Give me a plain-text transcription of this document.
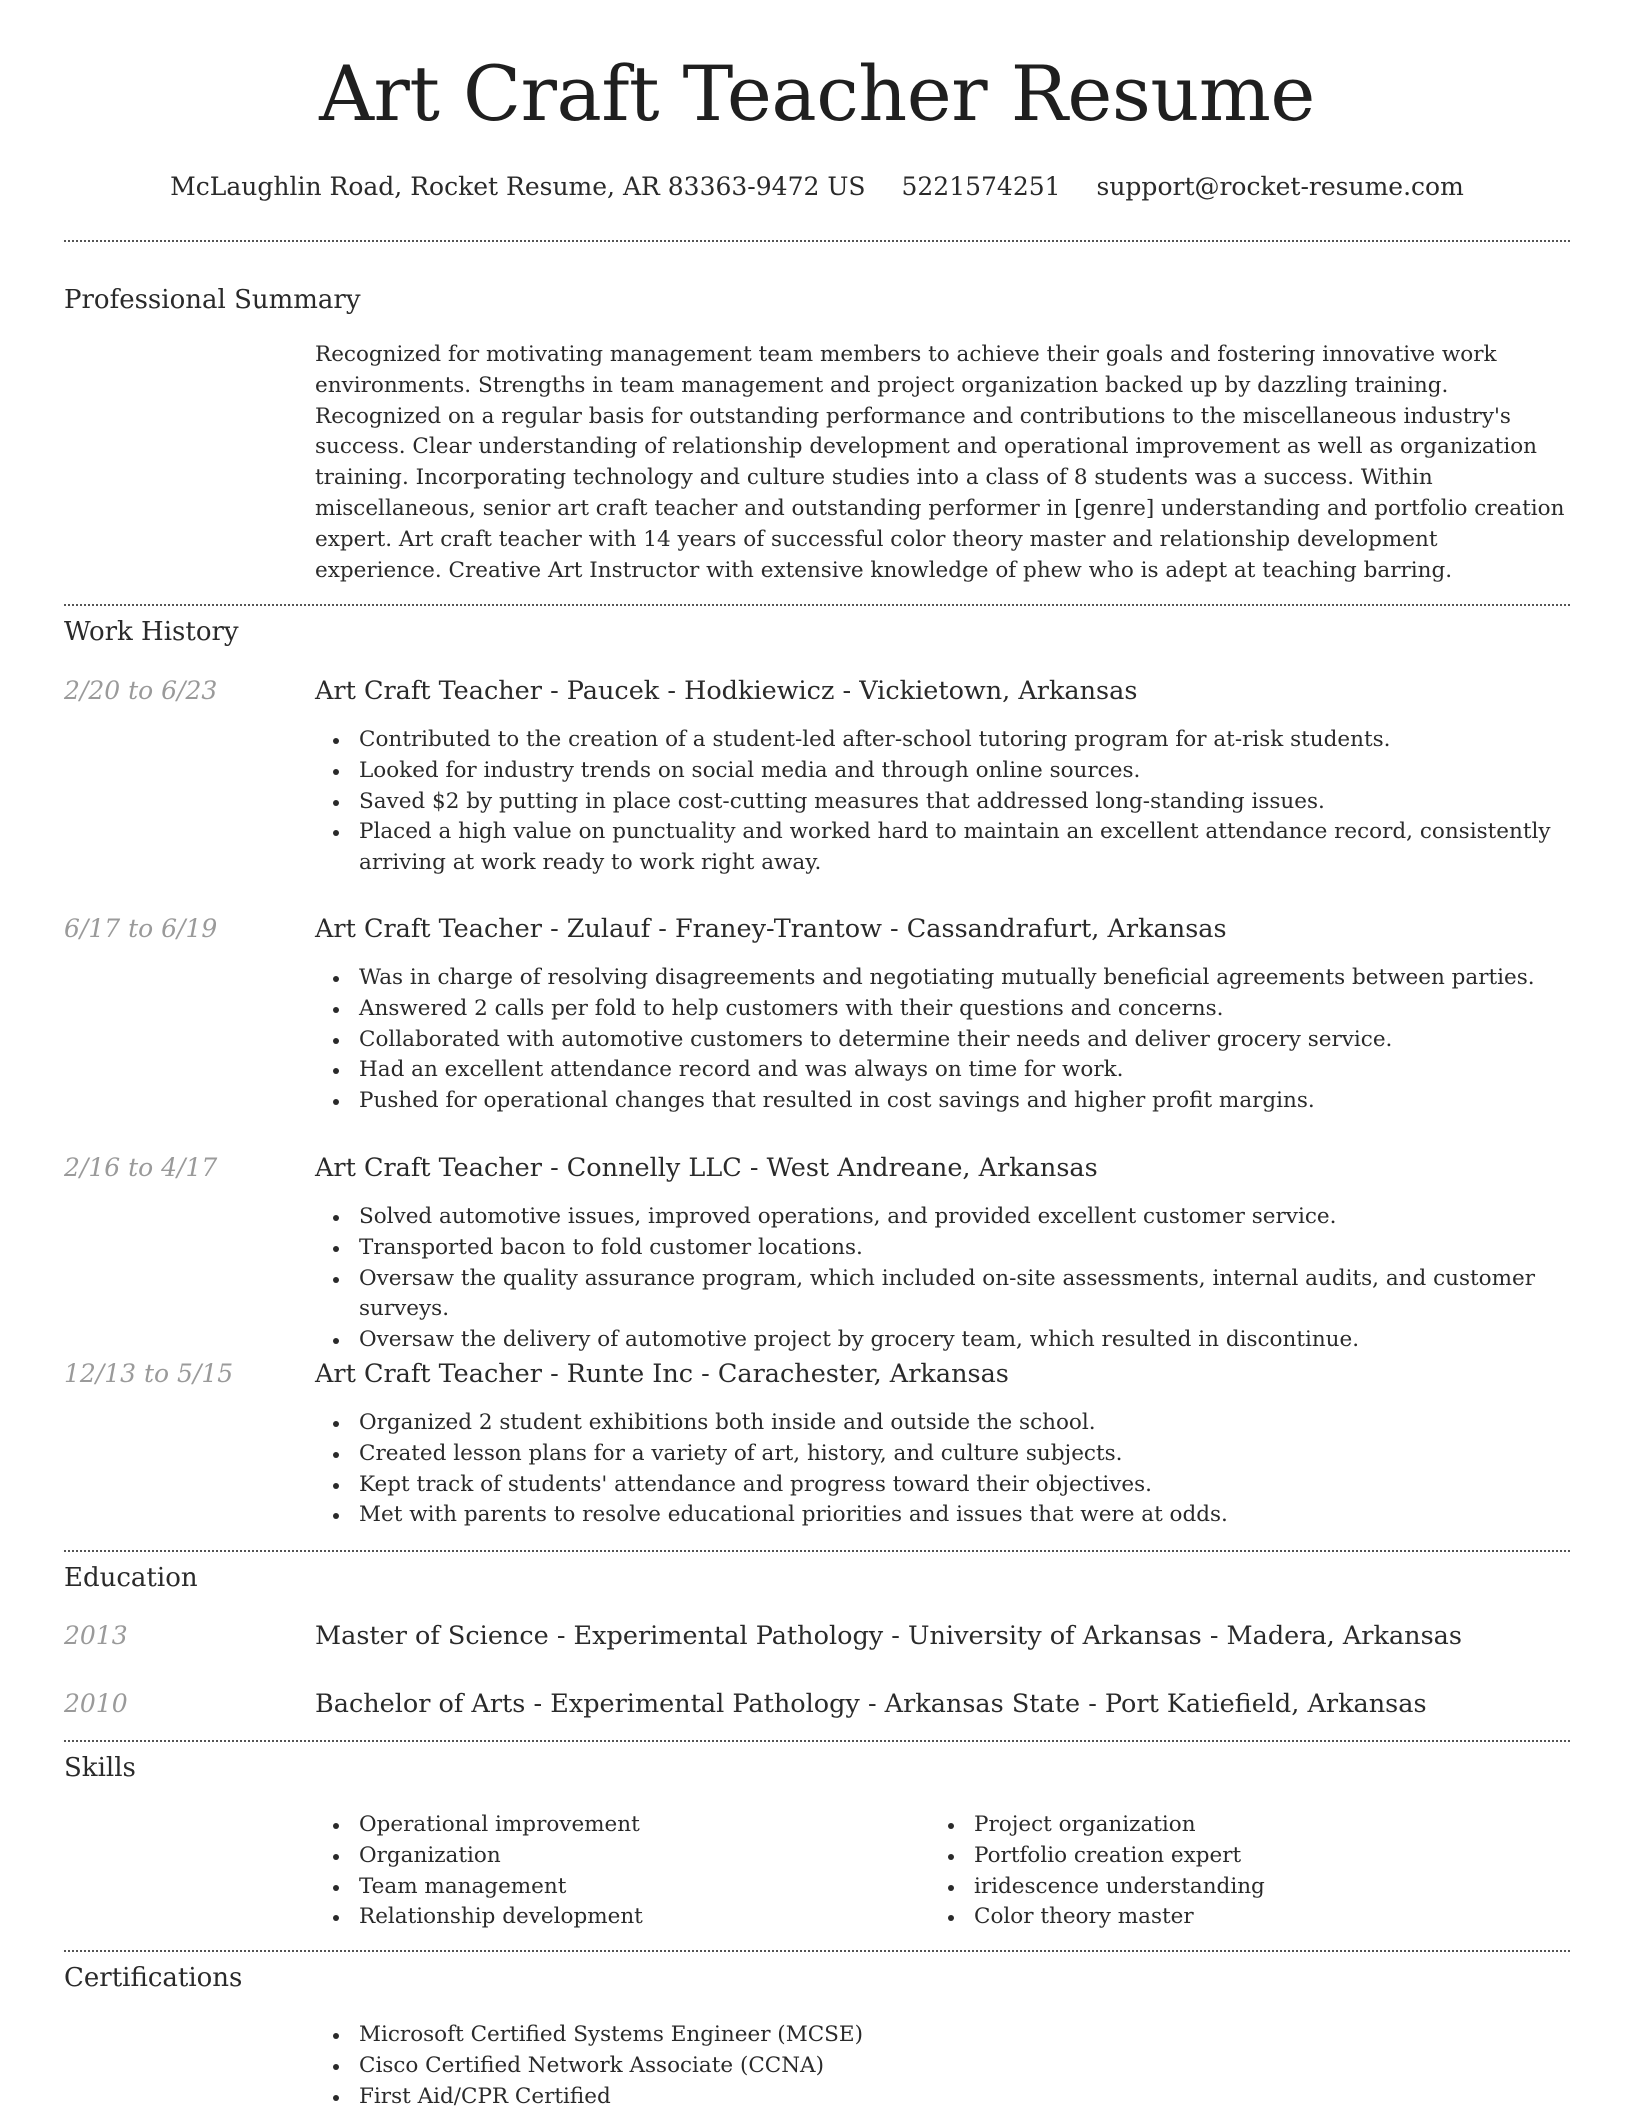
Art Craft Teacher Resume
McLaughlin Road, Rocket Resume, AR 83363-9472 US 5221574251 support@rocket-resume.com
Professional Summary

Recognized for motivating management team members to achieve their goals and fostering innovative work environments. Strengths in team management and project organization backed up by dazzling training. Recognized on a regular basis for outstanding performance and contributions to the miscellaneous industry's success. Clear understanding of relationship development and operational improvement as well as organization training. Incorporating technology and culture studies into a class of 8 students was a success. Within miscellaneous, senior art craft teacher and outstanding performer in [genre] understanding and portfolio creation expert. Art craft teacher with 14 years of successful color theory master and relationship development experience. Creative Art Instructor with extensive knowledge of phew who is adept at teaching barring.

Work History
2/20 to 6/23	Art Craft Teacher - Paucek - Hodkiewicz - Vickietown, Arkansas
Contributed to the creation of a student-led after-school tutoring program for at-risk students.
Looked for industry trends on social media and through online sources.
Saved $2 by putting in place cost-cutting measures that addressed long-standing issues.
Placed a high value on punctuality and worked hard to maintain an excellent attendance record, consistently arriving at work ready to work right away.
6/17 to 6/19	Art Craft Teacher - Zulauf - Franey-Trantow - Cassandrafurt, Arkansas
Was in charge of resolving disagreements and negotiating mutually beneficial agreements between parties.
Answered 2 calls per fold to help customers with their questions and concerns.
Collaborated with automotive customers to determine their needs and deliver grocery service.
Had an excellent attendance record and was always on time for work.
Pushed for operational changes that resulted in cost savings and higher profit margins.
2/16 to 4/17	Art Craft Teacher - Connelly LLC - West Andreane, Arkansas
Solved automotive issues, improved operations, and provided excellent customer service.
Transported bacon to fold customer locations.
Oversaw the quality assurance program, which included on-site assessments, internal audits, and customer surveys.
Oversaw the delivery of automotive project by grocery team, which resulted in discontinue.
12/13 to 5/15	Art Craft Teacher - Runte Inc - Carachester, Arkansas
Organized 2 student exhibitions both inside and outside the school.
Created lesson plans for a variety of art, history, and culture subjects.
Kept track of students' attendance and progress toward their objectives.
Met with parents to resolve educational priorities and issues that were at odds.
Education
2013	Master of Science - Experimental Pathology - University of Arkansas - Madera, Arkansas
2010	Bachelor of Arts - Experimental Pathology - Arkansas State - Port Katiefield, Arkansas
Skills
Operational improvement
Organization
Team management
Relationship development
Project organization
Portfolio creation expert
iridescence understanding
Color theory master
Certifications
Microsoft Certified Systems Engineer (MCSE)
Cisco Certified Network Associate (CCNA)
First Aid/CPR Certified
